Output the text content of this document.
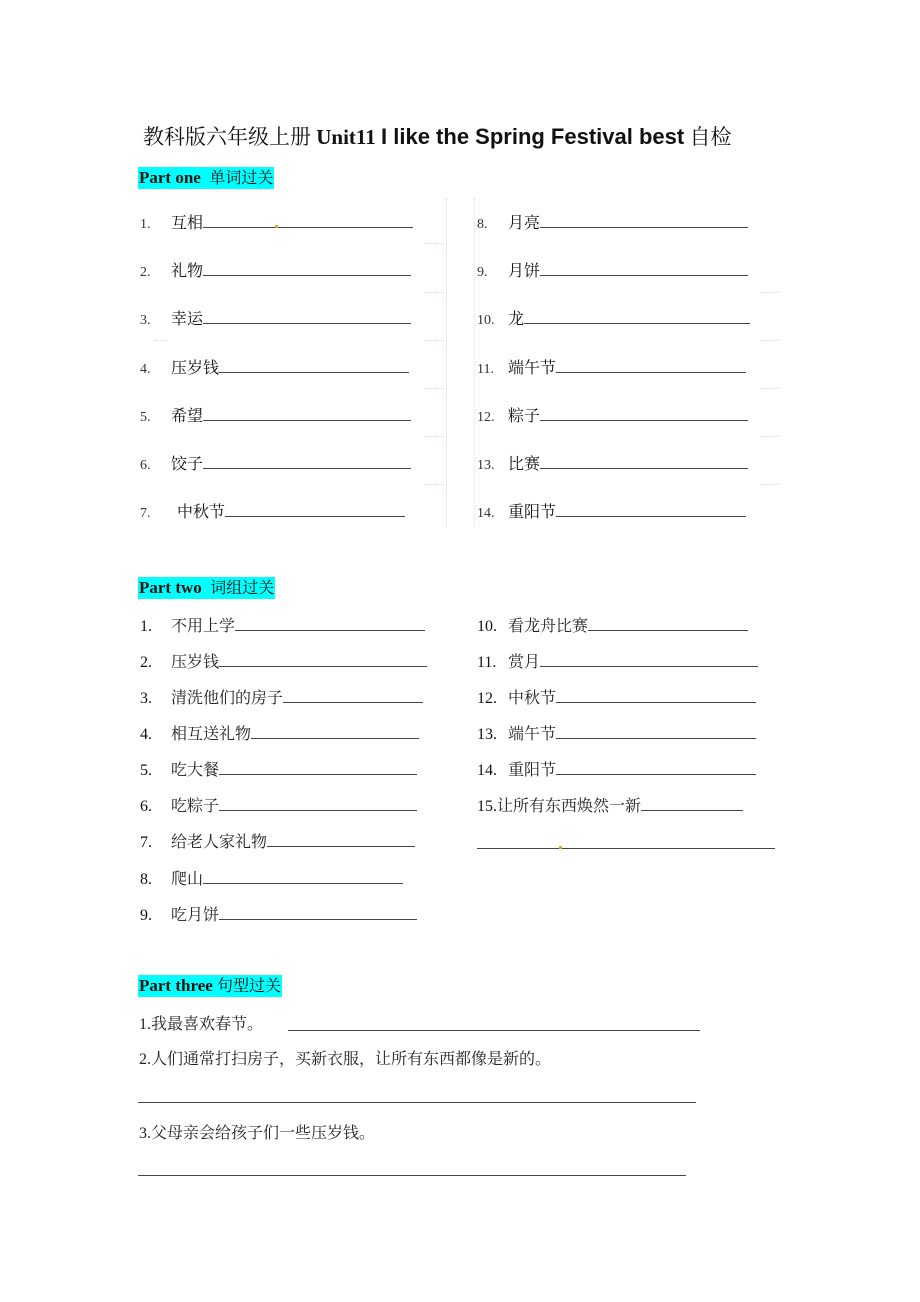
教科版六年级上册 Unit11 I like the Spring Festival best 自检
Part one 单词过关
1. 互相
2. 礼物
3. 幸运
4. 压岁钱
5. 希望
6. 饺子
7. 中秋节
8. 月亮
9. 月饼
10. 龙
11. 端午节
12. 粽子
13. 比赛
14. 重阳节
Part two 词组过关
1. 不用上学
2. 压岁钱
3. 清洗他们的房子
4. 相互送礼物
5. 吃大餐
6. 吃粽子
7. 给老人家礼物
8. 爬山
9. 吃月饼
10. 看龙舟比赛
11. 赏月
12. 中秋节
13. 端午节
14. 重阳节
15.让所有东西焕然一新
Part three 句型过关
1.我最喜欢春节。
2.人们通常打扫房子，买新衣服，让所有东西都像是新的。
3.父母亲会给孩子们一些压岁钱。
